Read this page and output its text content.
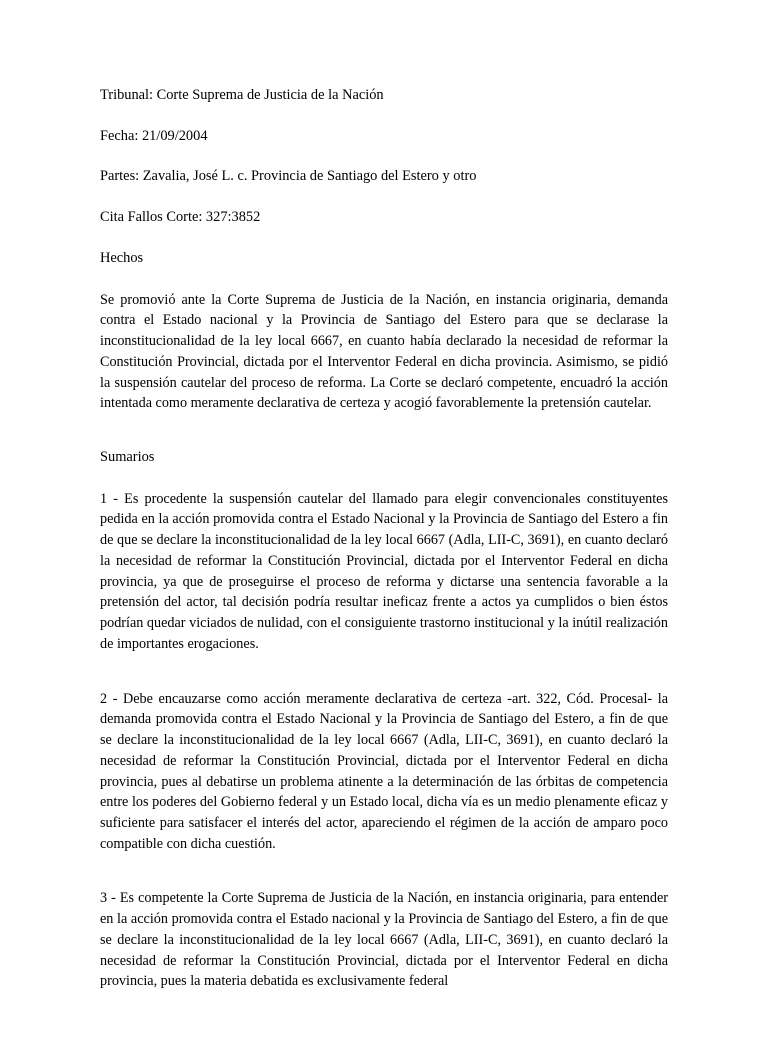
Tribunal: Corte Suprema de Justicia de la Nación

Fecha: 21/09/2004

Partes: Zavalia, José L. c. Provincia de Santiago del Estero y otro

Cita Fallos Corte: 327:3852

Hechos

Se promovió ante la Corte Suprema de Justicia de la Nación, en instancia originaria, demanda contra el Estado nacional y la Provincia de Santiago del Estero para que se declarase la inconstitucionalidad de la ley local 6667, en cuanto había declarado la necesidad de reformar la Constitución Provincial, dictada por el Interventor Federal en dicha provincia. Asimismo, se pidió la suspensión cautelar del proceso de reforma. La Corte se declaró competente, encuadró la acción intentada como meramente declarativa de certeza y acogió favorablemente la pretensión cautelar.

Sumarios

1 - Es procedente la suspensión cautelar del llamado para elegir convencionales constituyentes pedida en la acción promovida contra el Estado Nacional y la Provincia de Santiago del Estero a fin de que se declare la inconstitucionalidad de la ley local 6667 (Adla, LII-C, 3691), en cuanto declaró la necesidad de reformar la Constitución Provincial, dictada por el Interventor Federal en dicha provincia, ya que de proseguirse el proceso de reforma y dictarse una sentencia favorable a la pretensión del actor, tal decisión podría resultar ineficaz frente a actos ya cumplidos o bien éstos podrían quedar viciados de nulidad, con el consiguiente trastorno institucional y la inútil realización de importantes erogaciones.

2 - Debe encauzarse como acción meramente declarativa de certeza -art. 322, Cód. Procesal- la demanda promovida contra el Estado Nacional y la Provincia de Santiago del Estero, a fin de que se declare la inconstitucionalidad de la ley local 6667 (Adla, LII-C, 3691), en cuanto declaró la necesidad de reformar la Constitución Provincial, dictada por el Interventor Federal en dicha provincia, pues al debatirse un problema atinente a la determinación de las órbitas de competencia entre los poderes del Gobierno federal y un Estado local, dicha vía es un medio plenamente eficaz y suficiente para satisfacer el interés del actor, apareciendo el régimen de la acción de amparo poco compatible con dicha cuestión.

3 - Es competente la Corte Suprema de Justicia de la Nación, en instancia originaria, para entender en la acción promovida contra el Estado nacional y la Provincia de Santiago del Estero, a fin de que se declare la inconstitucionalidad de la ley local 6667 (Adla, LII-C, 3691), en cuanto declaró la necesidad de reformar la Constitución Provincial, dictada por el Interventor Federal en dicha provincia, pues la materia debatida es exclusivamente federal
